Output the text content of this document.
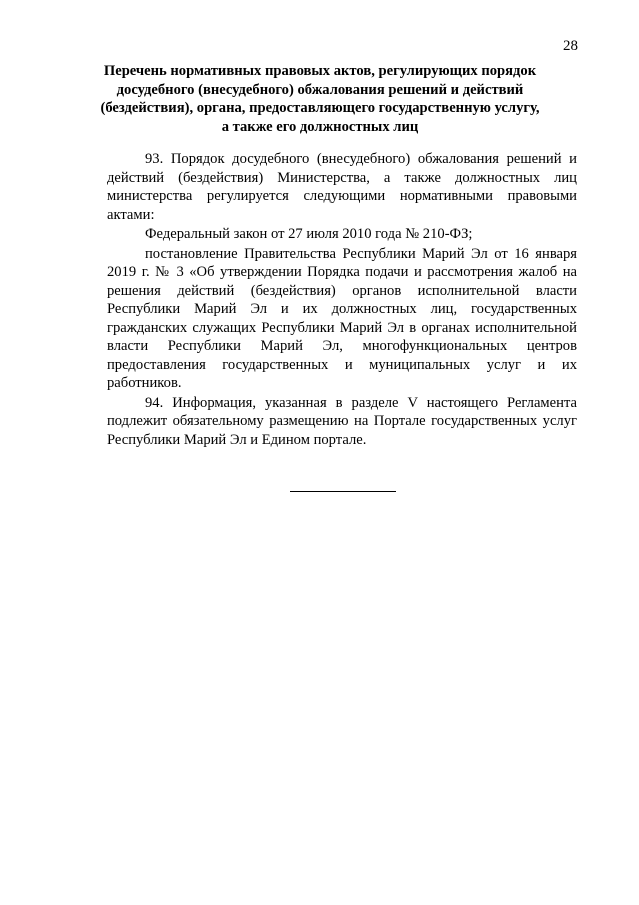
28
Перечень нормативных правовых актов, регулирующих порядок
досудебного (внесудебного) обжалования решений и действий
(бездействия), органа, предоставляющего государственную услугу,
а также его должностных лиц

93. Порядок досудебного (внесудебного) обжалования решений и действий (бездействия) Министерства, а также должностных лиц министерства регулируется следующими нормативными правовыми актами:

Федеральный закон от 27 июля 2010 года № 210-ФЗ;

постановление Правительства Республики Марий Эл от 16 января 2019 г. № 3 «Об утверждении Порядка подачи и рассмотрения жалоб на решения действий (бездействия) органов исполнительной власти Республики Марий Эл и их должностных лиц, государственных гражданских служащих Республики Марий Эл в органах исполнительной власти Республики Марий Эл, многофункциональных центров предоставления государственных и муниципальных услуг и их работников.

94. Информация, указанная в разделе V настоящего Регламента подлежит обязательному размещению на Портале государственных услуг Республики Марий Эл и Едином портале.
